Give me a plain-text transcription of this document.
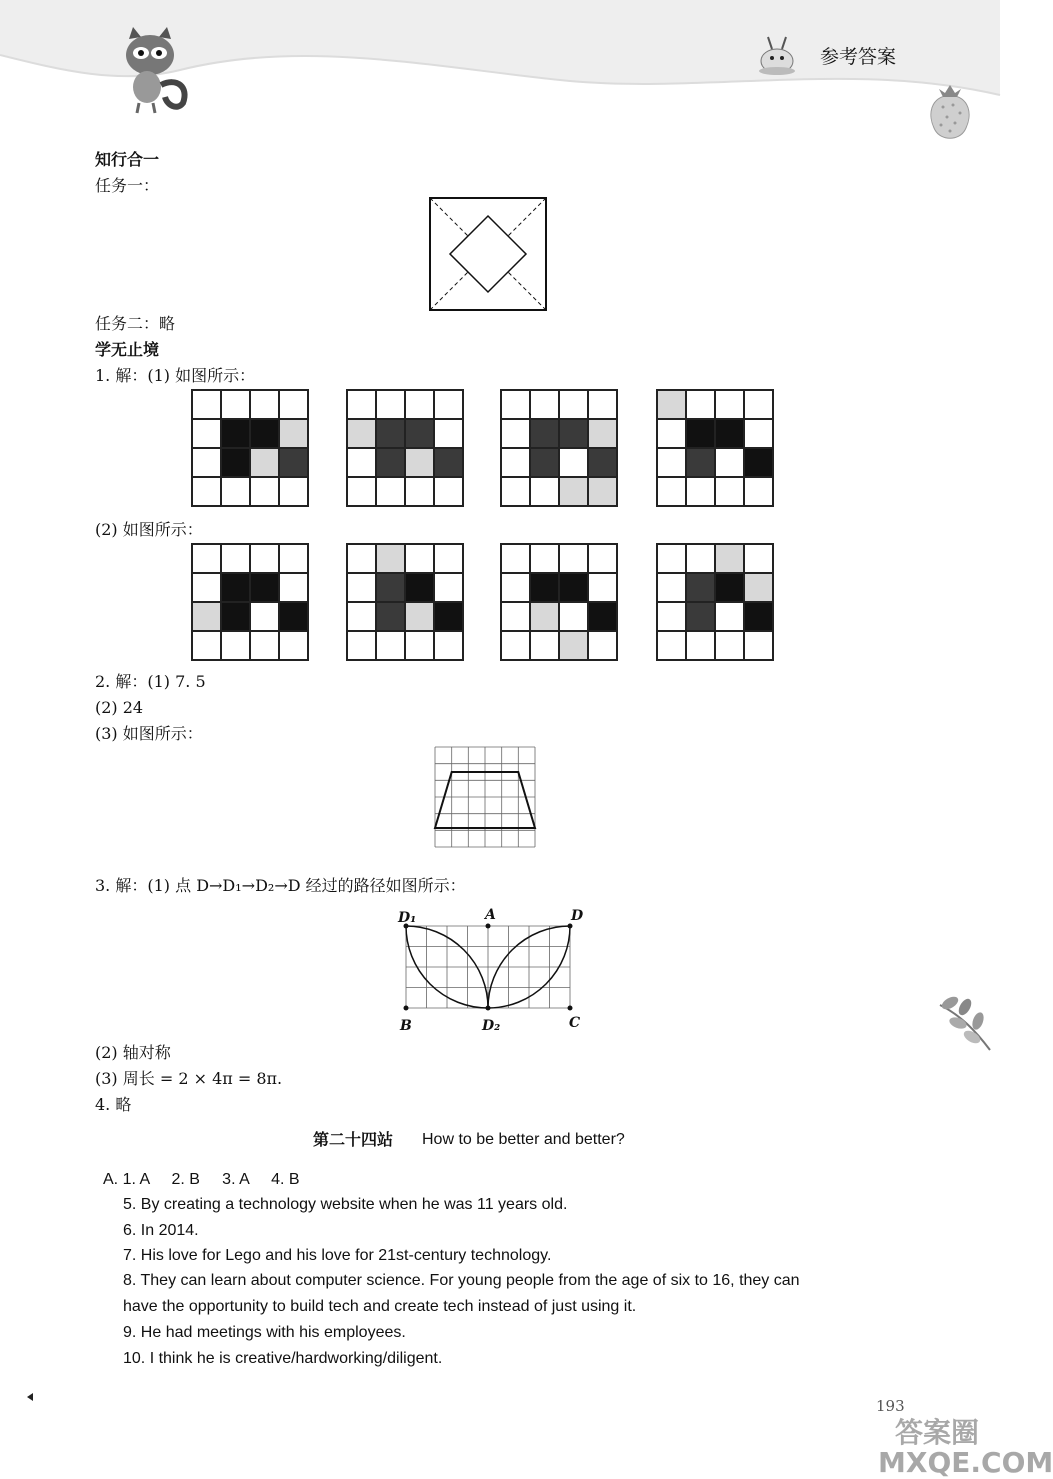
参考答案
知行合一
任务一：
任务二：略
学无止境
1. 解：(1) 如图所示：
(2) 如图所示：
2. 解：(1) 7. 5
(2) 24
(3) 如图所示：
3. 解：(1) 点 D→D₁→D₂→D 经过的路径如图所示：
D₁	A	D
B	D₂	C
(2) 轴对称
(3) 周长 = 2 × 4π = 8π.
4. 略
第二十四站 How to be better and better?
A. 1. A     2. B     3. A     4. B
5. By creating a technology website when he was 11 years old.
6. In 2014.
7. His love for Lego and his love for 21st-century technology.
8. They can learn about computer science. For young people from the age of six to 16, they can
have the opportunity to build tech and create tech instead of just using it.
9. He had meetings with his employees.
10. I think he is creative/hardworking/diligent.
193
答案圈 MXQE.COM
